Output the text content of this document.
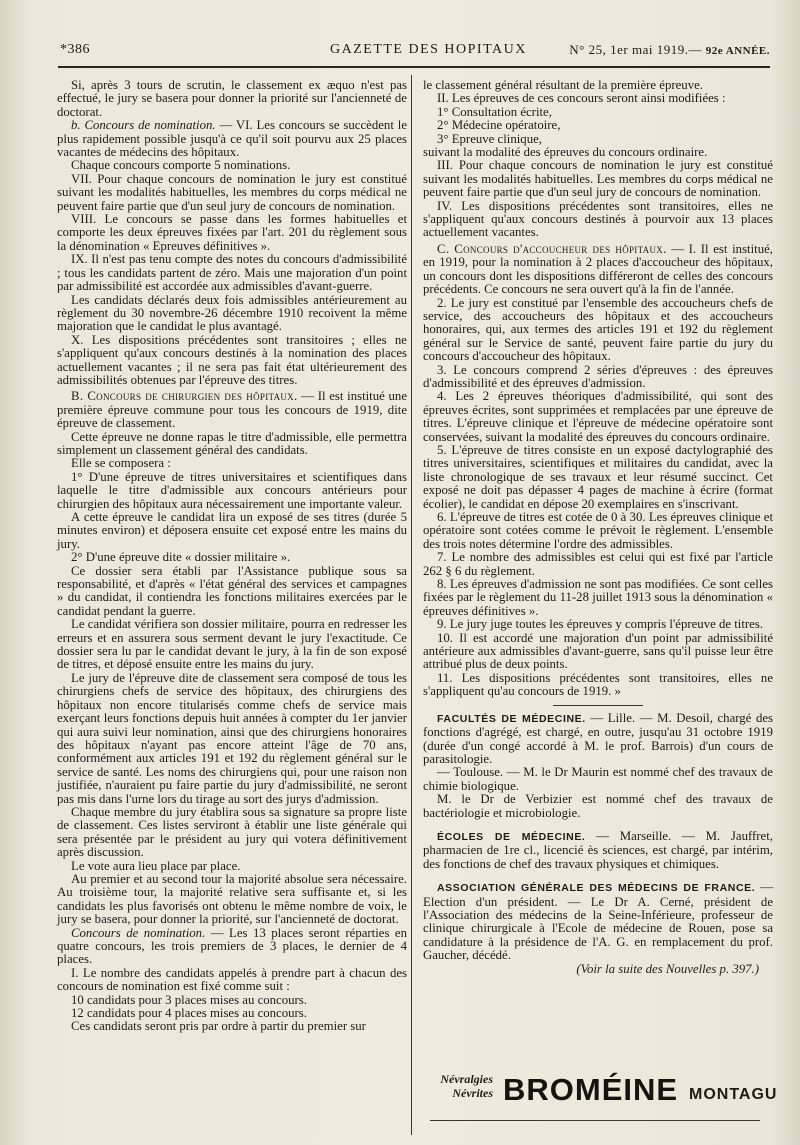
*386	GAZETTE DES HOPITAUX	N° 25, 1er mai 1919.— 92e ANNÉE.

Si, après 3 tours de scrutin, le classement ex æquo n'est pas effectué, le jury se basera pour donner la priorité sur l'ancienneté de doctorat.

b. Concours de nomination. — VI. Les concours se succèdent le plus rapidement possible jusqu'à ce qu'il soit pourvu aux 25 places vacantes de médecins des hôpitaux.

Chaque concours comporte 5 nominations.

VII. Pour chaque concours de nomination le jury est constitué suivant les modalités habituelles, les membres du corps médical ne peuvent faire partie que d'un seul jury de concours de nomination.

VIII. Le concours se passe dans les formes habituelles et comporte les deux épreuves fixées par l'art. 201 du règlement sous la dénomination « Epreuves définitives ».

IX. Il n'est pas tenu compte des notes du concours d'admissibilité ; tous les candidats partent de zéro. Mais une majoration d'un point par admissibilité est accordée aux admissibles d'avant-guerre.

Les candidats déclarés deux fois admissibles antérieurement au règlement du 30 novembre-26 décembre 1910 recoivent la même majoration que le candidat le plus avantagé.

X. Les dispositions précédentes sont transitoires ; elles ne s'appliquent qu'aux concours destinés à la nomination des places actuellement vacantes ; il ne sera pas fait état ultérieurement des admissibilités obtenues par l'épreuve des titres.

B. Concours de chirurgien des hôpitaux. — Il est institué une première épreuve commune pour tous les concours de 1919, dite épreuve de classement.

Cette épreuve ne donne rapas le titre d'admissible, elle permettra simplement un classement général des candidats.

Elle se composera :

1° D'une épreuve de titres universitaires et scientifiques dans laquelle le titre d'admissible aux concours antérieurs pour chirurgien des hôpitaux aura nécessairement une importante valeur.

A cette épreuve le candidat lira un exposé de ses titres (durée 5 minutes environ) et déposera ensuite cet exposé entre les mains du jury.

2° D'une épreuve dite « dossier militaire ».

Ce dossier sera établi par l'Assistance publique sous sa responsabilité, et d'après « l'état général des services et campagnes » du candidat, il contiendra les fonctions militaires exercées par le candidat pendant la guerre.

Le candidat vérifiera son dossier militaire, pourra en redresser les erreurs et en assurera sous serment devant le jury l'exactitude. Ce dossier sera lu par le candidat devant le jury, à la fin de son exposé de titres, et déposé ensuite entre les mains du jury.

Le jury de l'épreuve dite de classement sera composé de tous les chirurgiens chefs de service des hôpitaux, des chirurgiens des hôpitaux non encore titularisés comme chefs de service mais exerçant leurs fonctions depuis huit années à compter du 1er janvier qui aura suivi leur nomination, ainsi que des chirurgiens honoraires des hôpitaux n'ayant pas encore atteint l'âge de 70 ans, conformément aux articles 191 et 192 du règlement général sur le service de santé. Les noms des chirurgiens qui, pour une raison non justifiée, n'auraient pu faire partie du jury d'admissibilité, ne seront pas mis dans l'urne lors du tirage au sort des jurys d'admission.

Chaque membre du jury établira sous sa signature sa propre liste de classement. Ces listes serviront à établir une liste générale qui sera présentée par le président au jury qui votera définitivement après discussion.

Le vote aura lieu place par place.

Au premier et au second tour la majorité absolue sera nécessaire. Au troisième tour, la majorité relative sera suffisante et, si les candidats les plus favorisés ont obtenu le même nombre de voix, le jury se basera, pour donner la priorité, sur l'ancienneté de doctorat.

Concours de nomination. — Les 13 places seront réparties en quatre concours, les trois premiers de 3 places, le dernier de 4 places.

I. Le nombre des candidats appelés à prendre part à chacun des concours de nomination est fixé comme suit :

10 candidats pour 3 places mises au concours.

12 candidats pour 4 places mises au concours.

Ces candidats seront pris par ordre à partir du premier sur

le classement général résultant de la première épreuve.

II. Les épreuves de ces concours seront ainsi modifiées :

1° Consultation écrite,

2° Médecine opératoire,

3° Epreuve clinique,

suivant la modalité des épreuves du concours ordinaire.

III. Pour chaque concours de nomination le jury est constitué suivant les modalités habituelles. Les membres du corps médical ne peuvent faire partie que d'un seul jury de concours de nomination.

IV. Les dispositions précédentes sont transitoires, elles ne s'appliquent qu'aux concours destinés à pourvoir aux 13 places actuellement vacantes.

C. Concours d'accoucheur des hôpitaux. — I. Il est institué, en 1919, pour la nomination à 2 places d'accoucheur des hôpitaux, un concours dont les dispositions différeront de celles des concours précédents. Ce concours ne sera ouvert qu'à la fin de l'année.

2. Le jury est constitué par l'ensemble des accoucheurs chefs de service, des accoucheurs des hôpitaux et des accoucheurs honoraires, qui, aux termes des articles 191 et 192 du règlement général sur le Service de santé, peuvent faire partie du jury du concours d'accoucheur des hôpitaux.

3. Le concours comprend 2 séries d'épreuves : des épreuves d'admissibilité et des épreuves d'admission.

4. Les 2 épreuves théoriques d'admissibilité, qui sont des épreuves écrites, sont supprimées et remplacées par une épreuve de titres. L'épreuve clinique et l'épreuve de médecine opératoire sont conservées, suivant la modalité des épreuves du concours ordinaire.

5. L'épreuve de titres consiste en un exposé dactylographié des titres universitaires, scientifiques et militaires du candidat, avec la liste chronologique de ses travaux et leur résumé succinct. Cet exposé ne doit pas dépasser 4 pages de machine à écrire (format écolier), le candidat en dépose 20 exemplaires en s'inscrivant.

6. L'épreuve de titres est cotée de 0 à 30. Les épreuves clinique et opératoire sont cotées comme le prévoit le règlement. L'ensemble des trois notes détermine l'ordre des admissibles.

7. Le nombre des admissibles est celui qui est fixé par l'article 262 § 6 du règlement.

8. Les épreuves d'admission ne sont pas modifiées. Ce sont celles fixées par le règlement du 11-28 juillet 1913 sous la dénomination « épreuves définitives ».

9. Le jury juge toutes les épreuves y compris l'épreuve de titres.

10. Il est accordé une majoration d'un point par admissibilité antérieure aux admissibles d'avant-guerre, sans qu'il puisse leur être attribué plus de deux points.

11. Les dispositions précédentes sont transitoires, elles ne s'appliquent qu'au concours de 1919. »

FACULTÉS DE MÉDECINE. — Lille. — M. Desoil, chargé des fonctions d'agrégé, est chargé, en outre, jusqu'au 31 octobre 1919 (durée d'un congé accordé à M. le prof. Barrois) d'un cours de parasitologie.

— Toulouse. — M. le Dr Maurin est nommé chef des travaux de chimie biologique.

M. le Dr de Verbizier est nommé chef des travaux de bactériologie et microbiologie.

ÉCOLES DE MÉDECINE. — Marseille. — M. Jauffret, pharmacien de 1re cl., licencié ès sciences, est chargé, par intérim, des fonctions de chef des travaux physiques et chimiques.

ASSOCIATION GÉNÉRALE DES MÉDECINS DE FRANCE. — Election d'un président. — Le Dr A. Cerné, président de l'Association des médecins de la Seine-Inférieure, professeur de clinique chirurgicale à l'Ecole de médecine de Rouen, pose sa candidature à la présidence de l'A. G. en remplacement du prof. Gaucher, décédé.

(Voir la suite des Nouvelles p. 397.)

Névralgies
Névrites BROMÉINE MONTAGU
